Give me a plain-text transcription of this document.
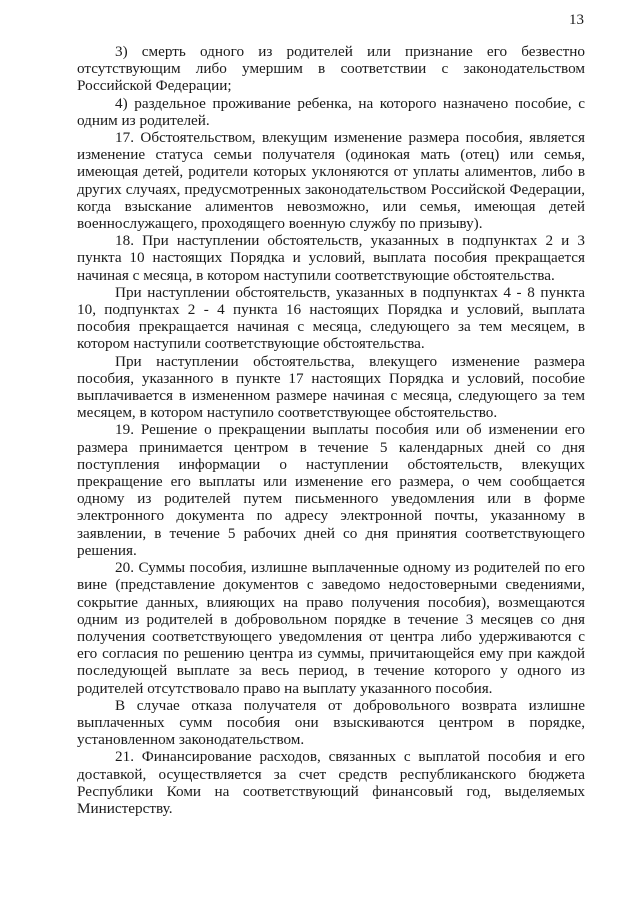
13

3) смерть одного из родителей или признание его безвестно отсутствующим либо умершим в соответствии с законодательством Российской Федерации;

4) раздельное проживание ребенка, на которого назначено пособие, с одним из родителей.

17. Обстоятельством, влекущим изменение размера пособия, является изменение статуса семьи получателя (одинокая мать (отец) или семья, имеющая детей, родители которых уклоняются от уплаты алиментов, либо в других случаях, предусмотренных законодательством Российской Федерации, когда взыскание алиментов невозможно, или семья, имеющая детей военнослужащего, проходящего военную службу по призыву).

18. При наступлении обстоятельств, указанных в подпунктах 2 и 3 пункта 10 настоящих Порядка и условий, выплата пособия прекращается начиная с месяца, в котором наступили соответствующие обстоятельства.

При наступлении обстоятельств, указанных в подпунктах 4 - 8 пункта 10, подпунктах 2 - 4 пункта 16 настоящих Порядка и условий, выплата пособия прекращается начиная с месяца, следующего за тем месяцем, в котором наступили соответствующие обстоятельства.

При наступлении обстоятельства, влекущего изменение размера пособия, указанного в пункте 17 настоящих Порядка и условий, пособие выплачивается в измененном размере начиная с месяца, следующего за тем месяцем, в котором наступило соответствующее обстоятельство.

19. Решение о прекращении выплаты пособия или об изменении его размера принимается центром в течение 5 календарных дней со дня поступления информации о наступлении обстоятельств, влекущих прекращение его выплаты или изменение его размера, о чем сообщается одному из родителей путем письменного уведомления или в форме электронного документа по адресу электронной почты, указанному в заявлении, в течение 5 рабочих дней со дня принятия соответствующего решения.

20. Суммы пособия, излишне выплаченные одному из родителей по его вине (представление документов с заведомо недостоверными сведениями, сокрытие данных, влияющих на право получения пособия), возмещаются одним из родителей в добровольном порядке в течение 3 месяцев со дня получения соответствующего уведомления от центра либо удерживаются с его согласия по решению центра из суммы, причитающейся ему при каждой последующей выплате за весь период, в течение которого у одного из родителей отсутствовало право на выплату указанного пособия.

В случае отказа получателя от добровольного возврата излишне выплаченных сумм пособия они взыскиваются центром в порядке, установленном законодательством.

21. Финансирование расходов, связанных с выплатой пособия и его доставкой, осуществляется за счет средств республиканского бюджета Республики Коми на соответствующий финансовый год, выделяемых Министерству.
